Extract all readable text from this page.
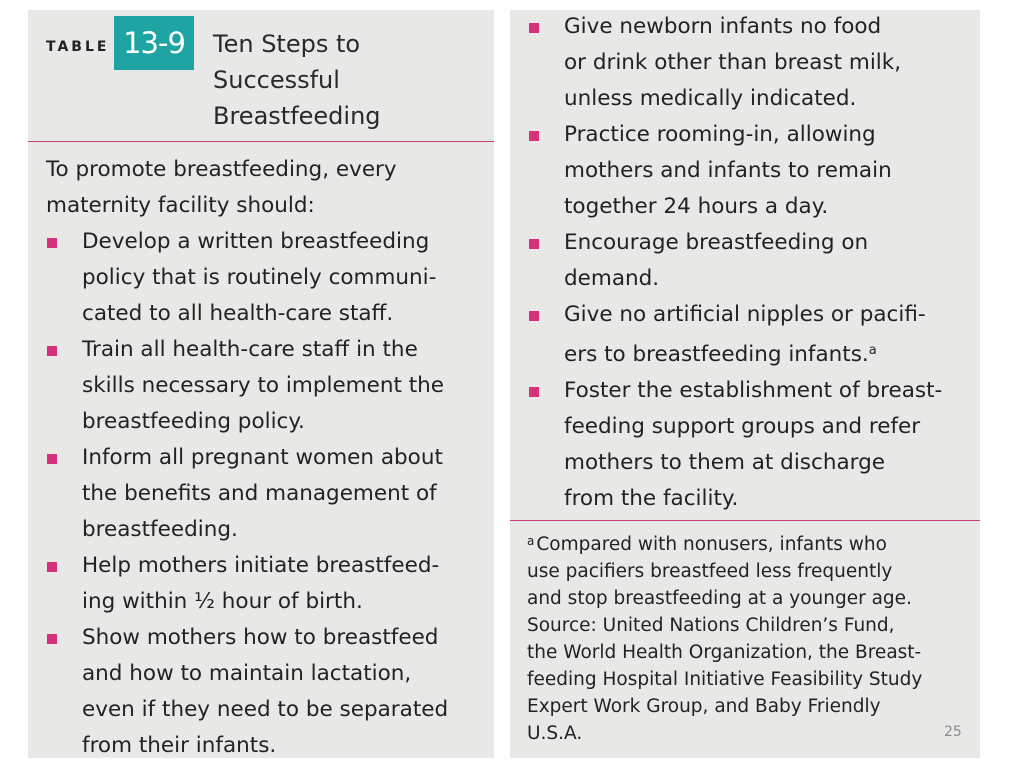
TABLE 13-9	Ten Steps to
Successful
Breastfeeding
To promote breastfeeding, every
maternity facility should:
Develop a written breastfeeding
policy that is routinely communi-
cated to all health-care staff.
Train all health-care staff in the
skills necessary to implement the
breastfeeding policy.
Inform all pregnant women about
the benefits and management of
breastfeeding.
Help mothers initiate breastfeed-
ing within ½ hour of birth.
Show mothers how to breastfeed
and how to maintain lactation,
even if they need to be separated
from their infants.
Give newborn infants no food
or drink other than breast milk,
unless medically indicated.
Practice rooming-in, allowing
mothers and infants to remain
together 24 hours a day.
Encourage breastfeeding on
demand.
Give no artificial nipples or pacifi-
ers to breastfeeding infants.$^a$
Foster the establishment of breast-
feeding support groups and refer
mothers to them at discharge
from the facility.
$^a$ Compared with nonusers, infants who
use pacifiers breastfeed less frequently
and stop breastfeeding at a younger age.
Source: United Nations Children’s Fund,
the World Health Organization, the Breast-
feeding Hospital Initiative Feasibility Study
Expert Work Group, and Baby Friendly
U.S.A.	25
